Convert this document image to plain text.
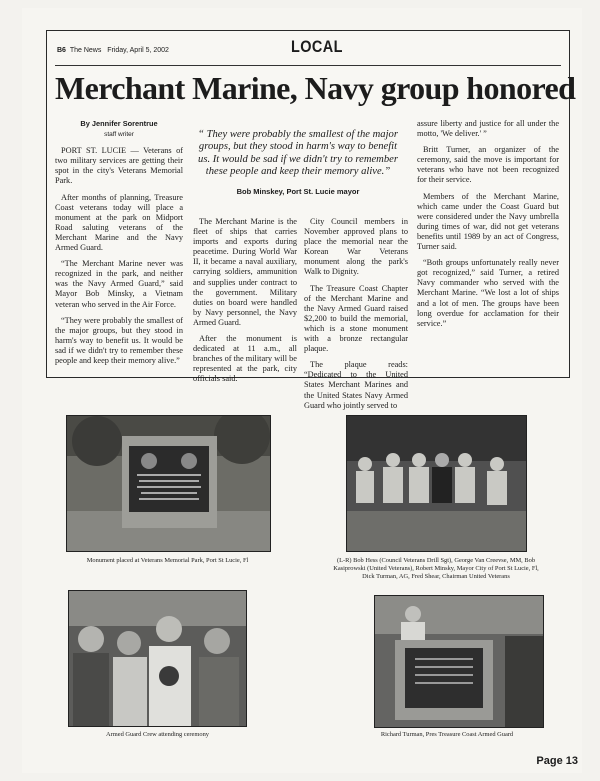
B6 The News Friday, April 5, 2002	LOCAL
Merchant Marine, Navy group honored
By Jennifer Sorentrue
staff writer

PORT ST. LUCIE — Veterans of two military services are getting their spot in the city's Veterans Memorial Park.

After months of planning, Treasure Coast veterans today will place a monument at the park on Midport Road saluting veterans of the Merchant Marine and the Navy Armed Guard.

“The Merchant Marine never was recognized in the park, and neither was the Navy Armed Guard,” said Mayor Bob Minsky, a Vietnam veteran who served in the Air Force.

“They were probably the smallest of the major groups, but they stood in harm's way to benefit us. It would be sad if we didn't try to remember these people and keep their memory alive.”

“ They were probably the smallest of the major groups, but they stood in harm's way to benefit us. It would be sad if we didn't try to remember these people and keep their memory alive.”
Bob Minskey, Port St. Lucie mayor

The Merchant Marine is the fleet of ships that carries imports and exports during peacetime. During World War II, it became a naval auxiliary, carrying soldiers, ammunition and supplies under contract to the government. Military duties on board were handled by Navy personnel, the Navy Armed Guard.

After the monument is dedicated at 11 a.m., all branches of the military will be represented at the park, city officials said.

City Council members in November approved plans to place the memorial near the Korean War Veterans monument along the park's Walk to Dignity.

The Treasure Coast Chapter of the Merchant Marine and the Navy Armed Guard raised $2,200 to build the memorial, which is a stone monument with a bronze rectangular plaque.

The plaque reads: “Dedicated to the United States Merchant Marines and the United States Navy Armed Guard who jointly served to

assure liberty and justice for all under the motto, 'We deliver.' ”

Britt Turner, an organizer of the ceremony, said the move is important for veterans who have not been recognized for their service.

Members of the Merchant Marine, which came under the Coast Guard but were considered under the Navy umbrella during times of war, did not get veterans benefits until 1989 by an act of Congress, Turner said.

“Both groups unfortunately really never got recognized,” said Turner, a retired Navy commander who served with the Merchant Marine. “We lost a lot of ships and a lot of men. The groups have been long overdue for acclamation for their service.”

Monument placed at Veterans Memorial Park, Port St Lucie, Fl	(L-R) Bob Hess (Council Veterans Drill Sgt), George Van Creevse, MM, Bob Kasiprowski (United Veterans), Robert Minsky, Mayor City of Port St Lucie, Fl, Dick Turman, AG, Fred Shear, Chairman United Veterans
Armed Guard Crew attending ceremony	Richard Turman, Pres Treasure Coast Armed Guard
Page 13
